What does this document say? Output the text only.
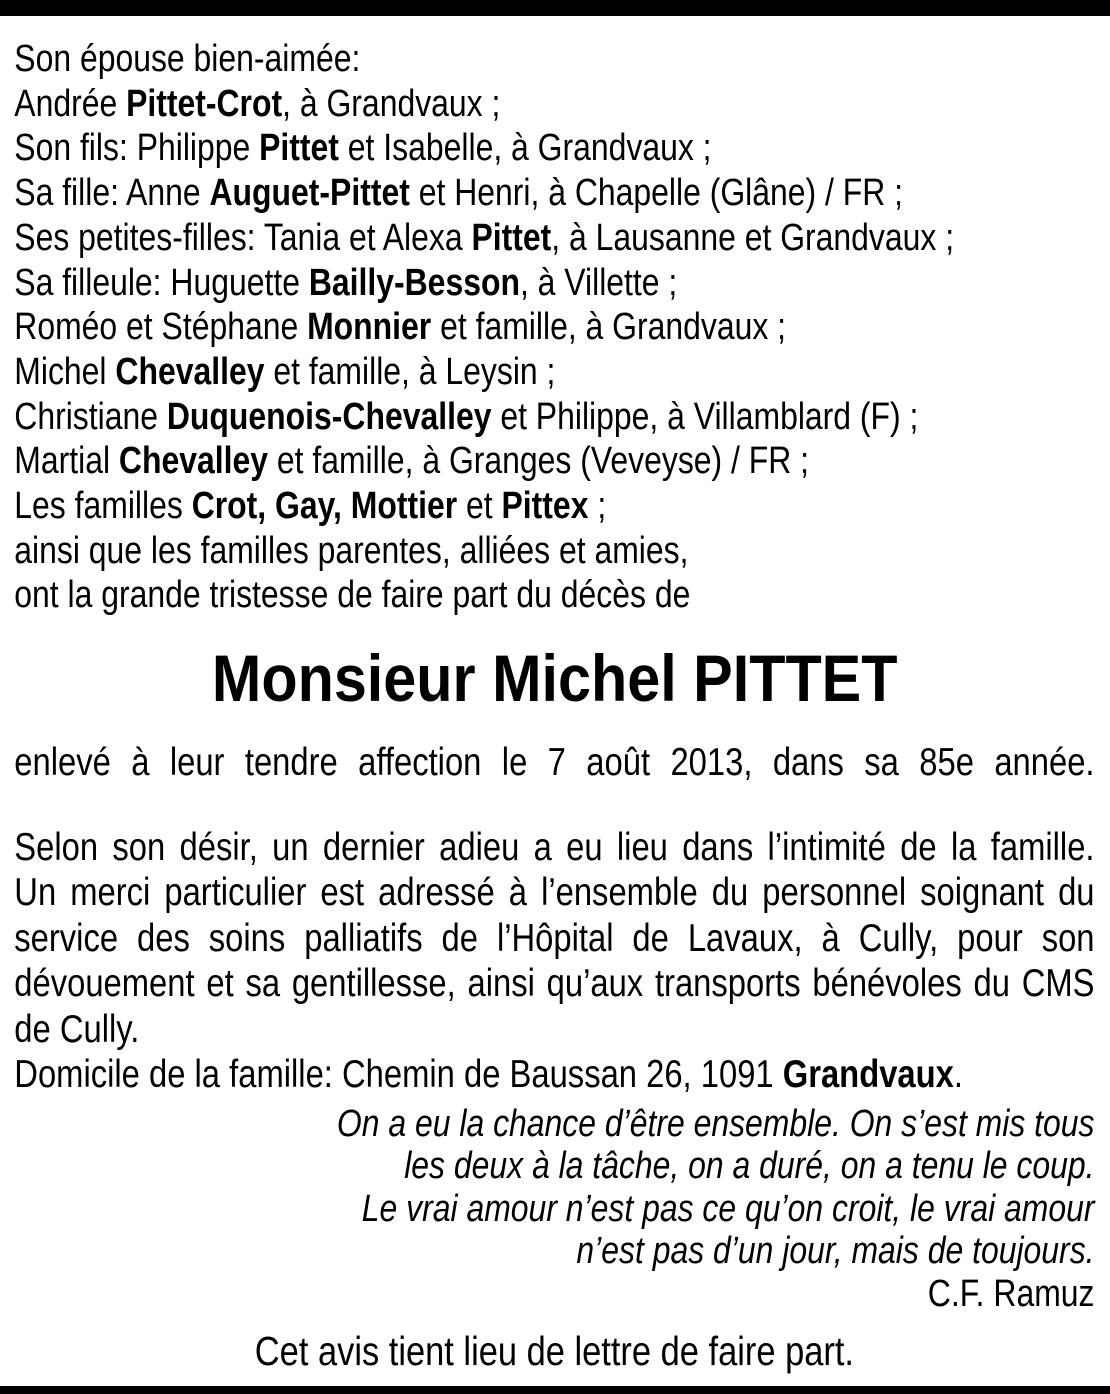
Son épouse bien-aimée:
Andrée Pittet-Crot, à Grandvaux ;
Son fils: Philippe Pittet et Isabelle, à Grandvaux ;
Sa fille: Anne Auguet-Pittet et Henri, à Chapelle (Glâne) / FR ;
Ses petites-filles: Tania et Alexa Pittet, à Lausanne et Grandvaux ;
Sa filleule: Huguette Bailly-Besson, à Villette ;
Roméo et Stéphane Monnier et famille, à Grandvaux ;
Michel Chevalley et famille, à Leysin ;
Christiane Duquenois-Chevalley et Philippe, à Villamblard (F) ;
Martial Chevalley et famille, à Granges (Veveyse) / FR ;
Les familles Crot, Gay, Mottier et Pittex ;
ainsi que les familles parentes, alliées et amies,
ont la grande tristesse de faire part du décès de
Monsieur Michel PITTET
enlevé à leur tendre affection le 7 août 2013, dans sa 85e année.
Selon son désir, un dernier adieu a eu lieu dans l’intimité de la famille.
Un merci particulier est adressé à l’ensemble du personnel soignant du
service des soins palliatifs de l’Hôpital de Lavaux, à Cully, pour son
dévouement et sa gentillesse, ainsi qu’aux transports bénévoles du CMS
de Cully.
Domicile de la famille: Chemin de Baussan 26, 1091 Grandvaux.
On a eu la chance d’être ensemble. On s’est mis tous
les deux à la tâche, on a duré, on a tenu le coup.
Le vrai amour n’est pas ce qu’on croit, le vrai amour
n’est pas d’un jour, mais de toujours.
C.F. Ramuz
Cet avis tient lieu de lettre de faire part.
